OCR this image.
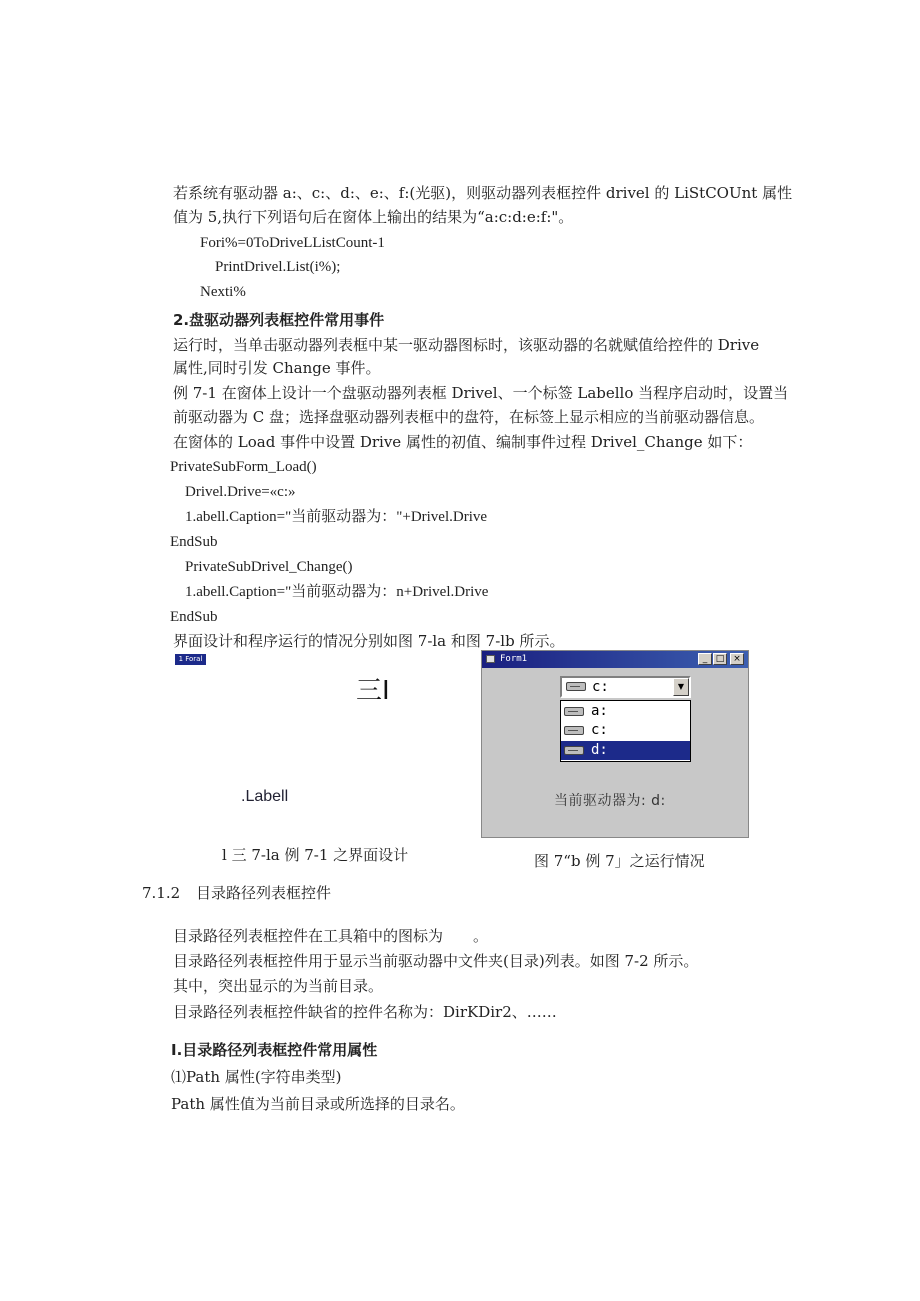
若系统有驱动器 a:、c:、d:、e:、f:(光驱)，则驱动器列表框控件 drivel 的 LiStCOUnt 属性
值为 5,执行下列语句后在窗体上输出的结果为“a:c:d:e:f:"。
Fori%=0ToDriveLListCount-1
PrintDrivel.List(i%);
Nexti%
2.盘驱动器列表框控件常用事件
运行时，当单击驱动器列表框中某一驱动器图标时，该驱动器的名就赋值给控件的 Drive
属性,同时引发 Change 事件。
例 7-1 在窗体上设计一个盘驱动器列表框 Drivel、一个标签 Labello 当程序启动时，设置当
前驱动器为 C 盘；选择盘驱动器列表框中的盘符，在标签上显示相应的当前驱动器信息。
在窗体的 Load 事件中设置 Drive 属性的初值、编制事件过程 Drivel_Change 如下：
PrivateSubForm_Load()
Drivel.Drive=«c:»
1.abell.Caption="当前驱动器为："+Drivel.Drive
EndSub
PrivateSubDrivel_Change()
1.abell.Caption="当前驱动器为：n+Drivel.Drive
EndSub
界面设计和程序运行的情况分别如图 7-la 和图 7-lb 所示。
1 Foral
三I
.Labell
l 三 7-la 例 7-1 之界面设计
Form1	_ □ ×
c:	▼
a:
c:
d:
当前驱动器为: d:
图 7“b 例 7」之运行情况
7.1.2 目录路径列表框控件
目录路径列表框控件在工具箱中的图标为　　。
目录路径列表框控件用于显示当前驱动器中文件夹(目录)列表。如图 7-2 所示。
其中，突出显示的为当前目录。
目录路径列表框控件缺省的控件名称为：DirKDir2、……
I.目录路径列表框控件常用属性
⑴Path 属性(字符串类型)
Path 属性值为当前目录或所选择的目录名。
